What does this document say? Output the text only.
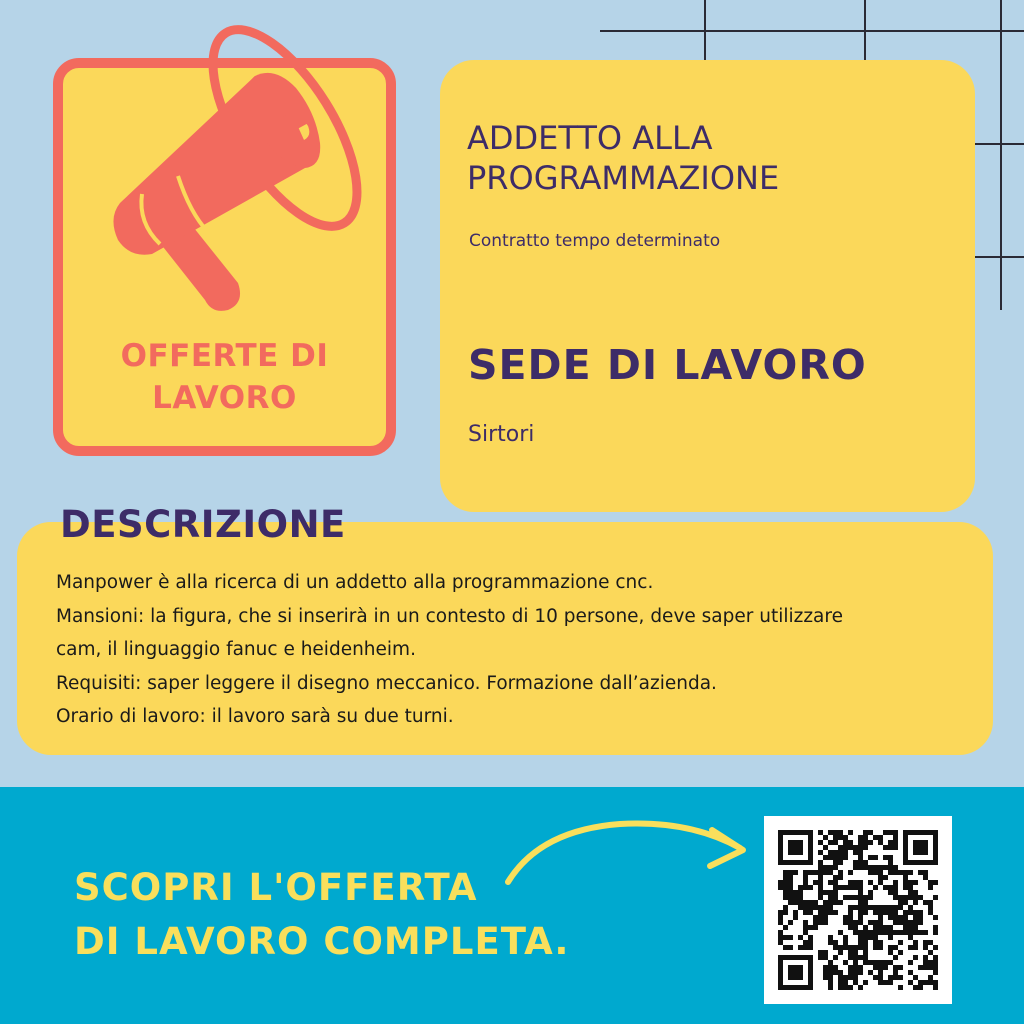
OFFERTE DI
LAVORO
ADDETTO ALLA
PROGRAMMAZIONE
Contratto tempo determinato
SEDE DI LAVORO
Sirtori
DESCRIZIONE
Manpower è alla ricerca di un addetto alla programmazione cnc.
Mansioni: la figura, che si inserirà in un contesto di 10 persone, deve saper utilizzare
cam, il linguaggio fanuc e heidenheim.
Requisiti: saper leggere il disegno meccanico. Formazione dall’azienda.
Orario di lavoro: il lavoro sarà su due turni.
SCOPRI L'OFFERTA
DI LAVORO COMPLETA.
